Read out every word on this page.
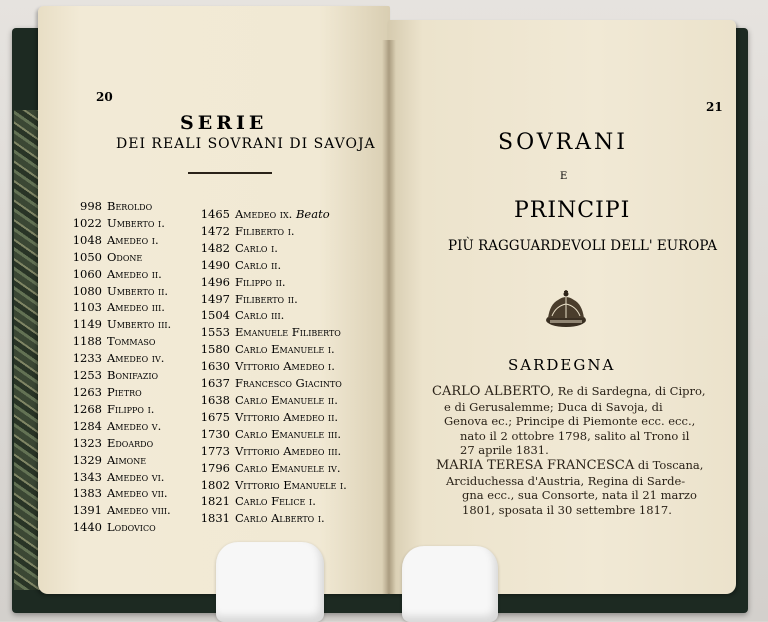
20
SERIE
DEI REALI SOVRANI DI SAVOJA
998 Beroldo
1022 Umberto i.
1048 Amedeo i.
1050 Odone
1060 Amedeo ii.
1080 Umberto ii.
1103 Amedeo iii.
1149 Umberto iii.
1188 Tommaso
1233 Amedeo iv.
1253 Bonifazio
1263 Pietro
1268 Filippo i.
1284 Amedeo v.
1323 Edoardo
1329 Aimone
1343 Amedeo vi.
1383 Amedeo vii.
1391 Amedeo viii.
1440 Lodovico
1465 Amedeo ix. Beato
1472 Filiberto i.
1482 Carlo i.
1490 Carlo ii.
1496 Filippo ii.
1497 Filiberto ii.
1504 Carlo iii.
1553 Emanuele Filiberto
1580 Carlo Emanuele i.
1630 Vittorio Amedeo i.
1637 Francesco Giacinto
1638 Carlo Emanuele ii.
1675 Vittorio Amedeo ii.
1730 Carlo Emanuele iii.
1773 Vittorio Amedeo iii.
1796 Carlo Emanuele iv.
1802 Vittorio Emanuele i.
1821 Carlo Felice i.
1831 Carlo Alberto i.
21
SOVRANI
E
PRINCIPI
PIÙ RAGGUARDEVOLI DELL' EUROPA
SARDEGNA
CARLO ALBERTO, Re di Sardegna, di Cipro,
e di Gerusalemme; Duca di Savoja, di
Genova ec.; Principe di Piemonte ecc. ecc.,
nato il 2 ottobre 1798, salito al Trono il
27 aprile 1831.
MARIA TERESA FRANCESCA di Toscana,
Arciduchessa d'Austria, Regina di Sarde-
gna ecc., sua Consorte, nata il 21 marzo
1801, sposata il 30 settembre 1817.
